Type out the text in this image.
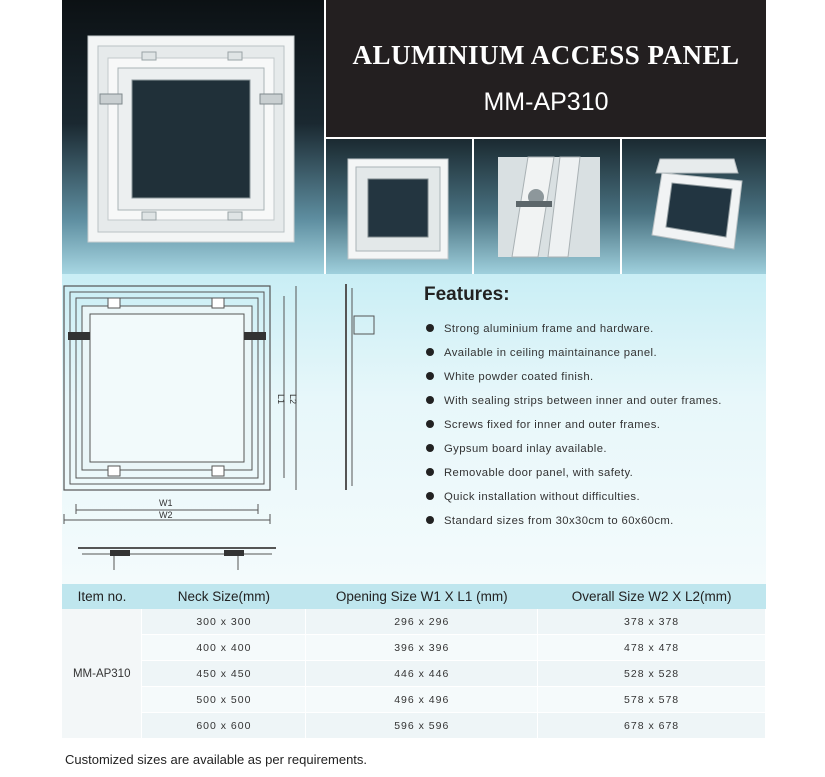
ALUMINIUM ACCESS PANEL
MM-AP310
W1
W2
L1 L2
Features:
Strong aluminium frame and hardware.
Available in ceiling maintainance panel.
White powder coated finish.
With sealing strips between inner and outer frames.
Screws fixed for inner and outer frames.
Gypsum board inlay available.
Removable door panel, with safety.
Quick installation without difficulties.
Standard sizes from 30x30cm to 60x60cm.
Item no.	Neck Size(mm)	Opening Size W1 X L1 (mm)	Overall Size W2 X L2(mm)
MM-AP310	300 x 300	296 x 296	378 x 378
	400 x 400	396 x 396	478 x 478
	450 x 450	446 x 446	528 x 528
	500 x 500	496 x 496	578 x 578
	600 x 600	596 x 596	678 x 678
Customized sizes are available as per requirements.
